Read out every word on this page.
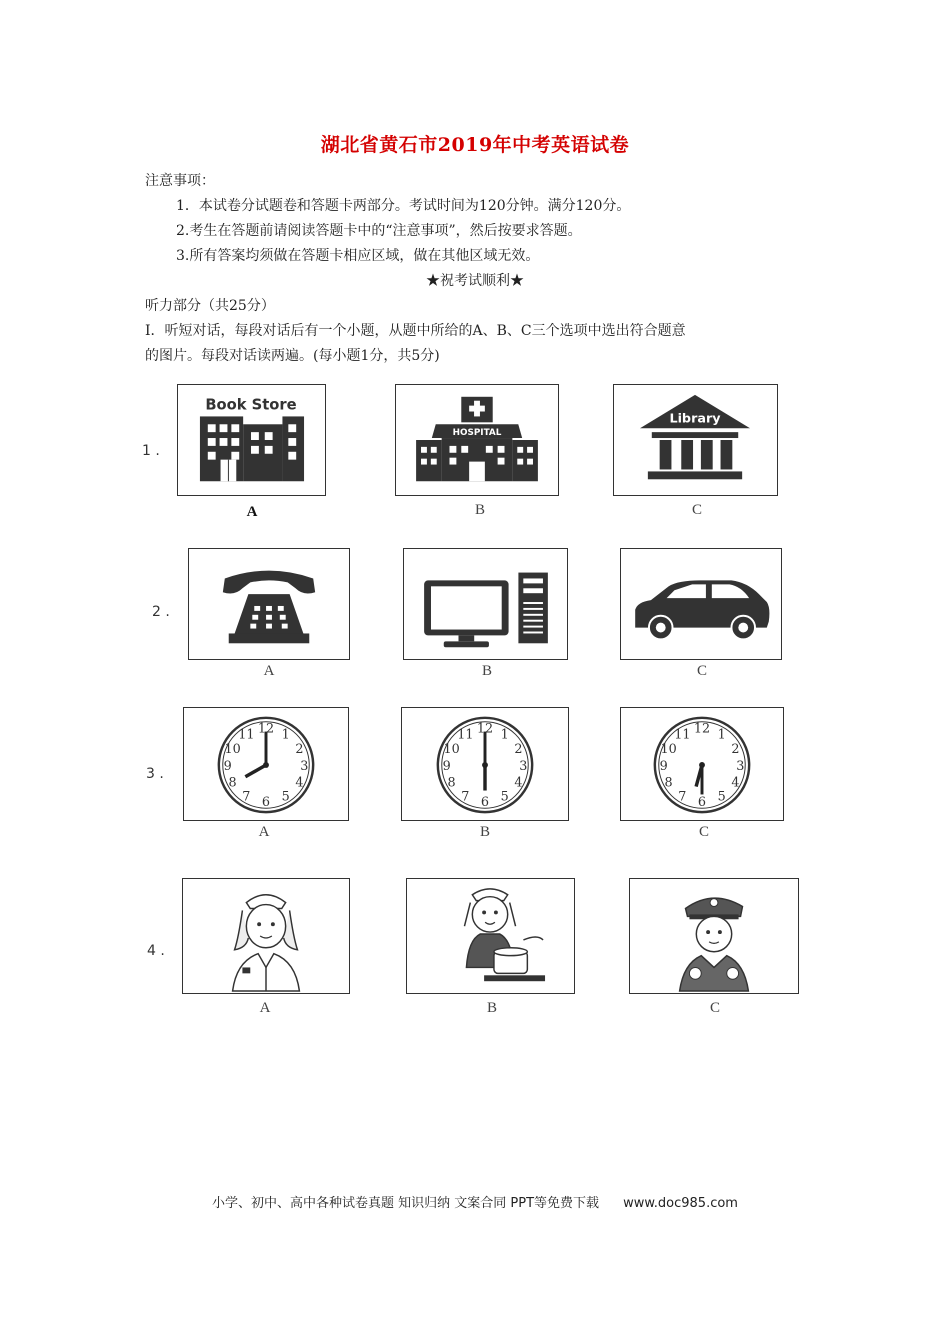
湖北省黄石市2019年中考英语试卷
注意事项：
1．本试卷分试题卷和答题卡两部分。考试时间为120分钟。满分120分。
2.考生在答题前请阅读答题卡中的“注意事项”，然后按要求答题。
3.所有答案均须做在答题卡相应区域，做在其他区域无效。
★祝考试顺利★
听力部分（共25分）
I．听短对话，每段对话后有一个小题，从题中所给的A、B、C三个选项中选出符合题意
的图片。每段对话读两遍。(每小题1分，共5分)
1 .
Book Store
A
HOSPITAL
B
Library
C
2 .
A	B	C
3 .
12 1
2
3
4
5
6
7
8
9
10
11
A
12 1
2
3
4
5
6
7
8
9
10
11
B
12 1
2
3
4
5
6
7
8
9
10
11
C
4 .
A	B	C
小学、初中、高中各种试卷真题 知识归纳 文案合同 PPT等免费下载 www.doc985.com
